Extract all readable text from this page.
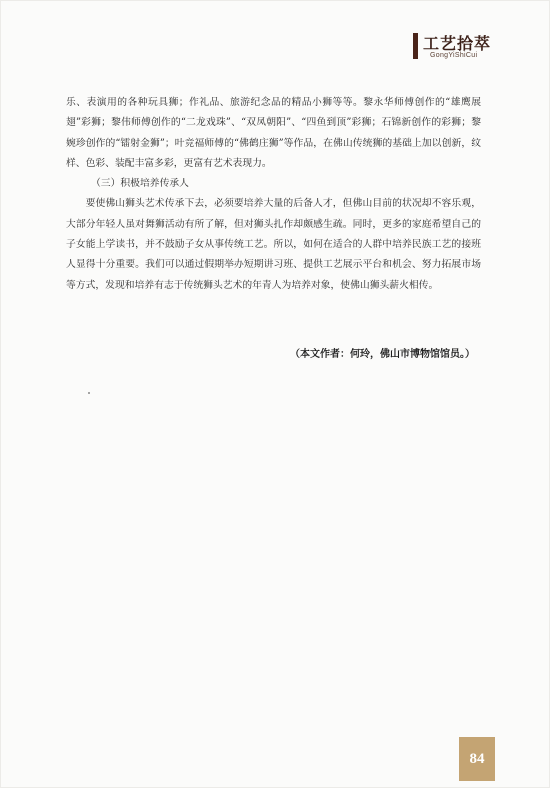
工艺拾萃
GongYiShiCui

乐、表演用的各种玩具狮；作礼品、旅游纪念品的精品小狮等等。黎永华师傅创作的“雄鹰展翅”彩狮；黎伟师傅创作的“二龙戏珠”、“双凤朝阳”、“四鱼到顶”彩狮；石锦新创作的彩狮；黎婉珍创作的“镭射金狮”；叶竞福师傅的“佛鹤庄狮”等作品，在佛山传统狮的基础上加以创新，纹样、色彩、装配丰富多彩，更富有艺术表现力。

（三）积极培养传承人

要使佛山狮头艺术传承下去，必须要培养大量的后备人才，但佛山目前的状况却不容乐观，大部分年轻人虽对舞狮活动有所了解，但对狮头扎作却颇感生疏。同时，更多的家庭希望自己的子女能上学读书，并不鼓励子女从事传统工艺。所以，如何在适合的人群中培养民族工艺的接班人显得十分重要。我们可以通过假期举办短期讲习班、提供工艺展示平台和机会、努力拓展市场等方式，发现和培养有志于传统狮头艺术的年青人为培养对象，使佛山狮头薪火相传。

（本文作者：何玲，佛山市博物馆馆员。）
84
